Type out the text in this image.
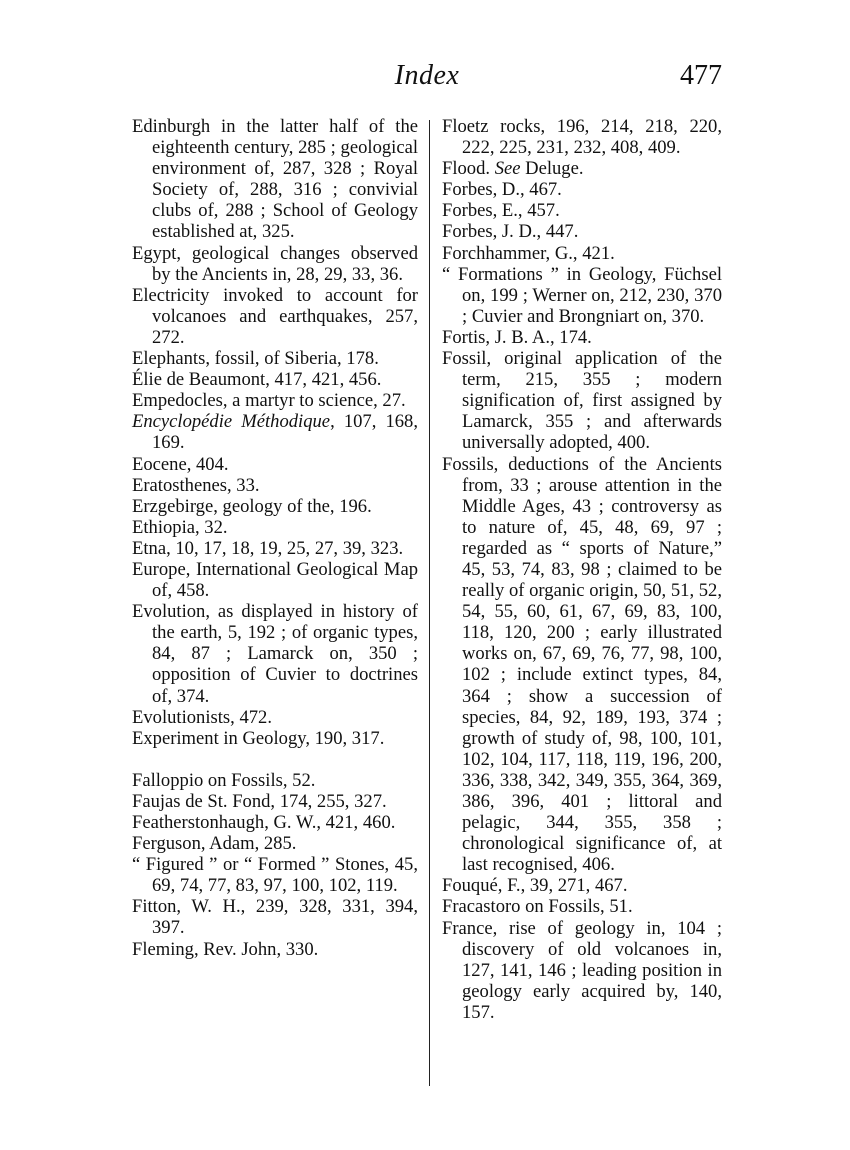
Index	477

Edinburgh in the latter half of the eighteenth century, 285 ; geological environment of, 287, 328 ; Royal Society of, 288, 316 ; convivial clubs of, 288 ; School of Geology established at, 325.

Egypt, geological changes observed by the Ancients in, 28, 29, 33, 36.

Electricity invoked to account for volcanoes and earthquakes, 257, 272.

Elephants, fossil, of Siberia, 178.

Élie de Beaumont, 417, 421, 456.

Empedocles, a martyr to science, 27.

Encyclopédie Méthodique, 107, 168, 169.

Eocene, 404.

Eratosthenes, 33.

Erzgebirge, geology of the, 196.

Ethiopia, 32.

Etna, 10, 17, 18, 19, 25, 27, 39, 323.

Europe, International Geological Map of, 458.

Evolution, as displayed in history of the earth, 5, 192 ; of organic types, 84, 87 ; Lamarck on, 350 ; opposition of Cuvier to doctrines of, 374.

Evolutionists, 472.

Experiment in Geology, 190, 317.

Falloppio on Fossils, 52.

Faujas de St. Fond, 174, 255, 327.

Featherstonhaugh, G. W., 421, 460.

Ferguson, Adam, 285.

“ Figured ” or “ Formed ” Stones, 45, 69, 74, 77, 83, 97, 100, 102, 119.

Fitton, W. H., 239, 328, 331, 394, 397.

Fleming, Rev. John, 330.

Floetz rocks, 196, 214, 218, 220, 222, 225, 231, 232, 408, 409.

Flood. See Deluge.

Forbes, D., 467.

Forbes, E., 457.

Forbes, J. D., 447.

Forchhammer, G., 421.

“ Formations ” in Geology, Füchsel on, 199 ; Werner on, 212, 230, 370 ; Cuvier and Brongniart on, 370.

Fortis, J. B. A., 174.

Fossil, original application of the term, 215, 355 ; modern signification of, first assigned by Lamarck, 355 ; and afterwards universally adopted, 400.

Fossils, deductions of the Ancients from, 33 ; arouse attention in the Middle Ages, 43 ; controversy as to nature of, 45, 48, 69, 97 ; regarded as “ sports of Nature,” 45, 53, 74, 83, 98 ; claimed to be really of organic origin, 50, 51, 52, 54, 55, 60, 61, 67, 69, 83, 100, 118, 120, 200 ; early illustrated works on, 67, 69, 76, 77, 98, 100, 102 ; include extinct types, 84, 364 ; show a succession of species, 84, 92, 189, 193, 374 ; growth of study of, 98, 100, 101, 102, 104, 117, 118, 119, 196, 200, 336, 338, 342, 349, 355, 364, 369, 386, 396, 401 ; littoral and pelagic, 344, 355, 358 ; chronological significance of, at last recognised, 406.

Fouqué, F., 39, 271, 467.

Fracastoro on Fossils, 51.

France, rise of geology in, 104 ; discovery of old volcanoes in, 127, 141, 146 ; leading position in geology early acquired by, 140, 157.
